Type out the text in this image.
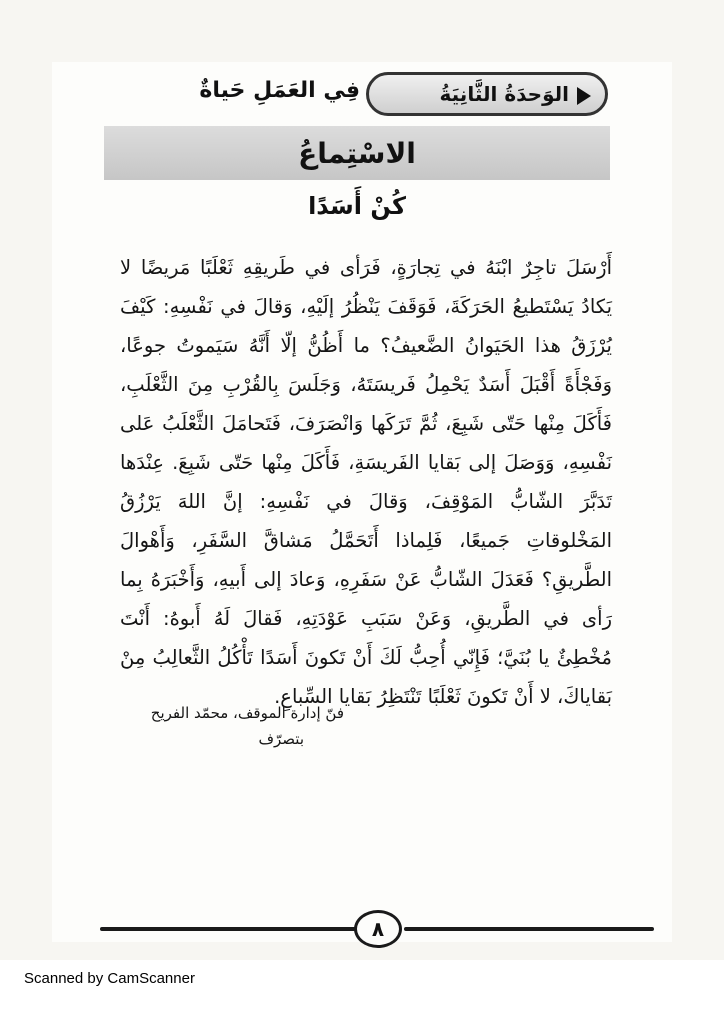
الوَحدَةُ الثَّانِيَةُ
فِي العَمَلِ حَياةٌ
الاسْتِماعُ
كُنْ أَسَدًا

أَرْسَلَ تاجِرٌ ابْنَهُ في تِجارَةٍ، فَرَأى في طَريقِهِ ثَعْلَبًا مَريضًا لا يَكادُ يَسْتَطيعُ الحَرَكَةَ، فَوَقَفَ يَنْظُرُ إلَيْهِ، وَقالَ في نَفْسِهِ: كَيْفَ يُرْزَقُ هذا الحَيَوانُ الضَّعيفُ؟ ما أَظُنُّ إلّا أَنَّهُ سَيَموتُ جوعًا، وَفَجْأَةً أَقْبَلَ أَسَدٌ يَحْمِلُ فَريسَتَهُ، وَجَلَسَ بِالقُرْبِ مِنَ الثَّعْلَبِ، فَأَكَلَ مِنْها حَتّى شَبِعَ، ثُمَّ تَرَكَها وَانْصَرَفَ، فَتَحامَلَ الثَّعْلَبُ عَلى نَفْسِهِ، وَوَصَلَ إلى بَقايا الفَريسَةِ، فَأَكَلَ مِنْها حَتّى شَبِعَ. عِنْدَها تَدَبَّرَ الشّابُّ المَوْقِفَ، وَقالَ في نَفْسِهِ: إنَّ اللهَ يَرْزُقُ المَخْلوقاتِ جَميعًا، فَلِماذا أَتَحَمَّلُ مَشاقَّ السَّفَرِ، وَأَهْوالَ الطَّريقِ؟ فَعَدَلَ الشّابُّ عَنْ سَفَرِهِ، وَعادَ إلى أَبيهِ، وَأَخْبَرَهُ بِما رَأى في الطَّريقِ، وَعَنْ سَبَبِ عَوْدَتِهِ، فَقالَ لَهُ أَبوهُ: أَنْتَ مُخْطِئٌ يا بُنَيَّ؛ فَإِنّي أُحِبُّ لَكَ أَنْ تَكونَ أَسَدًا تَأْكُلُ الثَّعالِبُ مِنْ بَقاياكَ، لا أَنْ تَكونَ ثَعْلَبًا تَنْتَظِرُ بَقايا السِّباعِ.

فنّ إدارة الموقف، محمّد الفريح
بتصرّف
٨
Scanned by CamScanner
